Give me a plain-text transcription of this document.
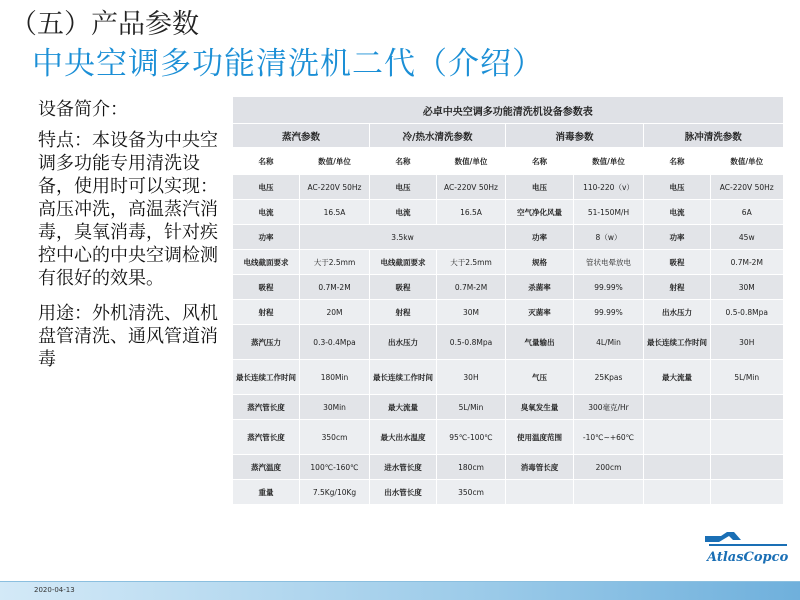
（五）产品参数
中央空调多功能清洗机二代（介绍）

设备简介：

特点：本设备为中央空调多功能专用清洗设备，使用时可以实现：高压冲洗，高温蒸汽消毒，臭氧消毒，针对疾控中心的中央空调检测有很好的效果。

用途：外机清洗、风机盘管清洗、通风管道消毒

必卓中央空调多功能清洗机设备参数表							
蒸汽参数		冷/热水清洗参数		消毒参数		脉冲清洗参数	
名称	数值/单位	名称	数值/单位	名称	数值/单位	名称	数值/单位
电压	AC-220V 50Hz	电压	AC-220V 50Hz	电压	110-220（v）	电压	AC-220V 50Hz
电流	16.5A	电流	16.5A	空气净化风量	51-150M/H	电流	6A
功率	3.5kw			功率	8（w）	功率	45w
电线截面要求	大于2.5mm	电线截面要求	大于2.5mm	规格	管状电晕放电	吸程	0.7M-2M
吸程	0.7M-2M	吸程	0.7M-2M	杀菌率	99.99%	射程	30M
射程	20M	射程	30M	灭菌率	99.99%	出水压力	0.5-0.8Mpa
蒸汽压力	0.3-0.4Mpa	出水压力	0.5-0.8Mpa	气量输出	4L/Min	最长连续工作时间	30H
最长连续工作时间	180Min	最长连续工作时间	30H	气压	25Kpas	最大流量	5L/Min
蒸汽管长度	30Min	最大流量	5L/Min	臭氧发生量	300毫克/Hr		
蒸汽管长度	350cm	最大出水温度	95℃-100℃	使用温度范围	-10℃~+60℃		
蒸汽温度	100℃-160℃	进水管长度	180cm	消毒管长度	200cm		
重量	7.5Kg/10Kg	出水管长度	350cm				
AtlasCopco
2020-04-13
